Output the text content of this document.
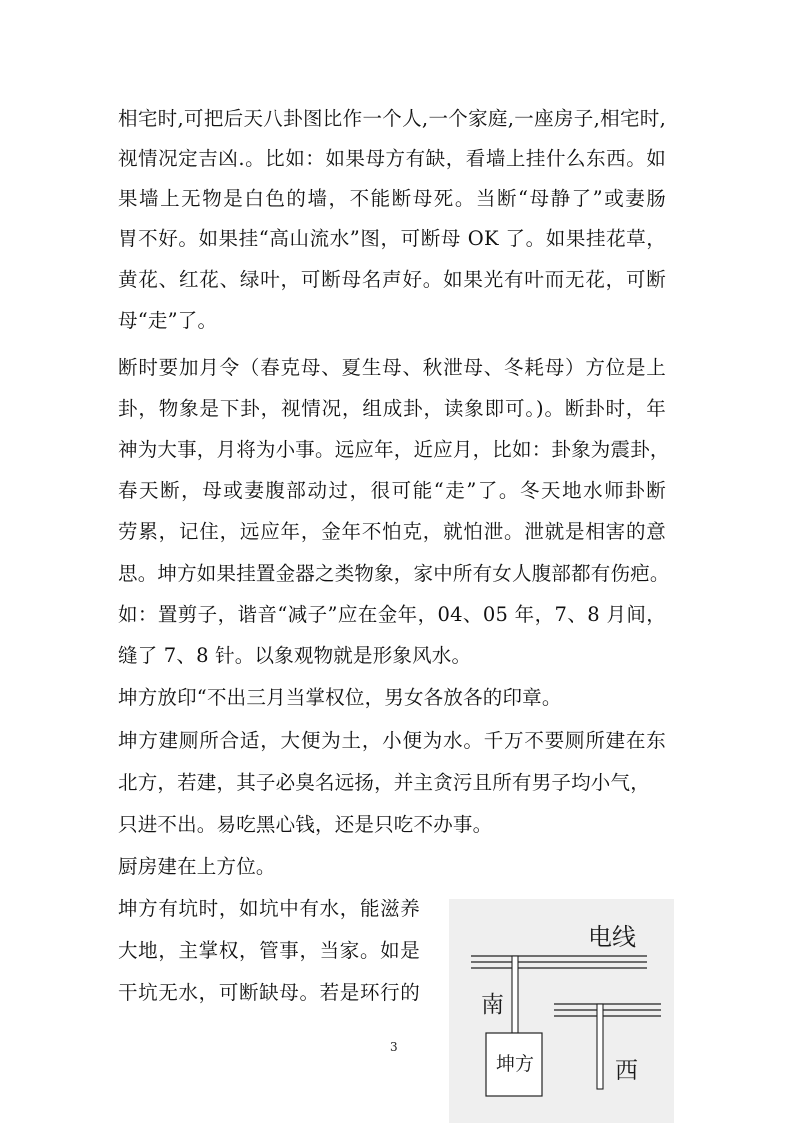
相宅时,可把后天八卦图比作一个人,一个家庭,一座房子,相宅时,
视情况定吉凶.。比如：如果母方有缺，看墙上挂什么东西。如
果墙上无物是白色的墙，不能断母死。当断“母静了”或妻肠
胃不好。如果挂“高山流水”图，可断母 OK 了。如果挂花草，
黄花、红花、绿叶，可断母名声好。如果光有叶而无花，可断
母“走”了。
断时要加月令（春克母、夏生母、秋泄母、冬耗母）方位是上
卦，物象是下卦，视情况，组成卦，读象即可。)。断卦时，年
神为大事，月将为小事。远应年，近应月，比如：卦象为震卦，
春天断，母或妻腹部动过，很可能“走”了。冬天地水师卦断
劳累，记住，远应年，金年不怕克，就怕泄。泄就是相害的意
思。坤方如果挂置金器之类物象，家中所有女人腹部都有伤疤。
如：置剪子，谐音“减子”应在金年，04、05 年，7、8 月间，
缝了 7、8 针。以象观物就是形象风水。
坤方放印“不出三月当掌权位，男女各放各的印章。
坤方建厕所合适，大便为土，小便为水。千万不要厕所建在东
北方，若建，其子必臭名远扬，并主贪污且所有男子均小气，
只进不出。易吃黑心钱，还是只吃不办事。
厨房建在上方位。
坤方有坑时，如坑中有水，能滋养
大地，主掌权，管事，当家。如是
干坑无水，可断缺母。若是环行的
3
电线
南
坤方	西
